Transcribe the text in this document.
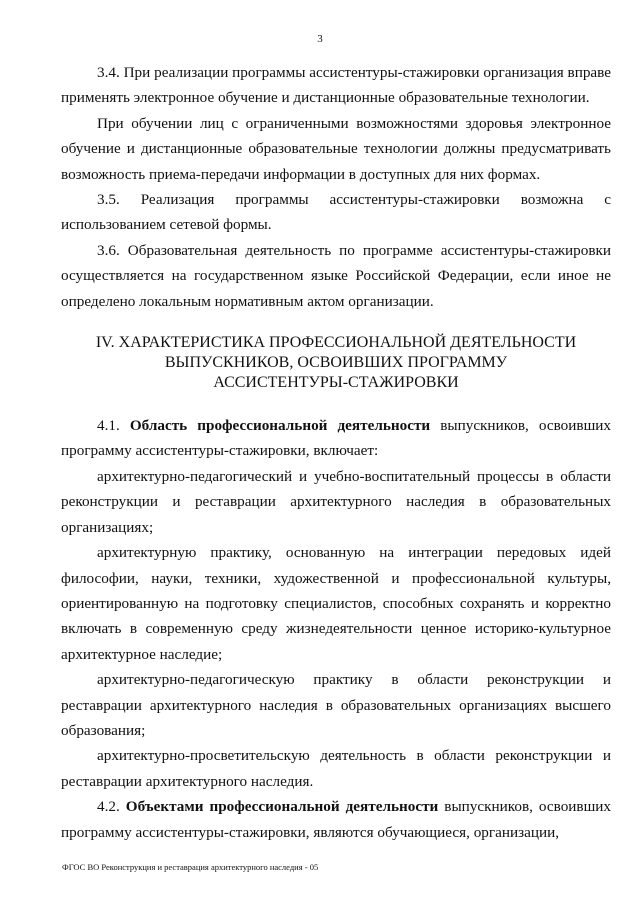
3

3.4. При реализации программы ассистентуры-стажировки организация вправе применять электронное обучение и дистанционные образовательные технологии.

При обучении лиц с ограниченными возможностями здоровья электронное обучение и дистанционные образовательные технологии должны предусматривать возможность приема-передачи информации в доступных для них формах.

3.5. Реализация программы ассистентуры-стажировки возможна с использованием сетевой формы.

3.6. Образовательная деятельность по программе ассистентуры-стажировки осуществляется на государственном языке Российской Федерации, если иное не определено локальным нормативным актом организации.

IV. ХАРАКТЕРИСТИКА ПРОФЕССИОНАЛЬНОЙ ДЕЯТЕЛЬНОСТИ
ВЫПУСКНИКОВ, ОСВОИВШИХ ПРОГРАММУ
АССИСТЕНТУРЫ-СТАЖИРОВКИ

4.1. Область профессиональной деятельности выпускников, освоивших программу ассистентуры-стажировки, включает:

архитектурно-педагогический и учебно-воспитательный процессы в области реконструкции и реставрации архитектурного наследия в образовательных организациях;

архитектурную практику, основанную на интеграции передовых идей философии, науки, техники, художественной и профессиональной культуры, ориентированную на подготовку специалистов, способных сохранять и корректно включать в современную среду жизнедеятельности ценное историко-культурное архитектурное наследие;

архитектурно-педагогическую практику в области реконструкции и реставрации архитектурного наследия в образовательных организациях высшего образования;

архитектурно-просветительскую деятельность в области реконструкции и реставрации архитектурного наследия.

4.2. Объектами профессиональной деятельности выпускников, освоивших программу ассистентуры-стажировки, являются обучающиеся, организации,

ФГОС ВО Реконструкция и реставрация архитектурного наследия - 05
